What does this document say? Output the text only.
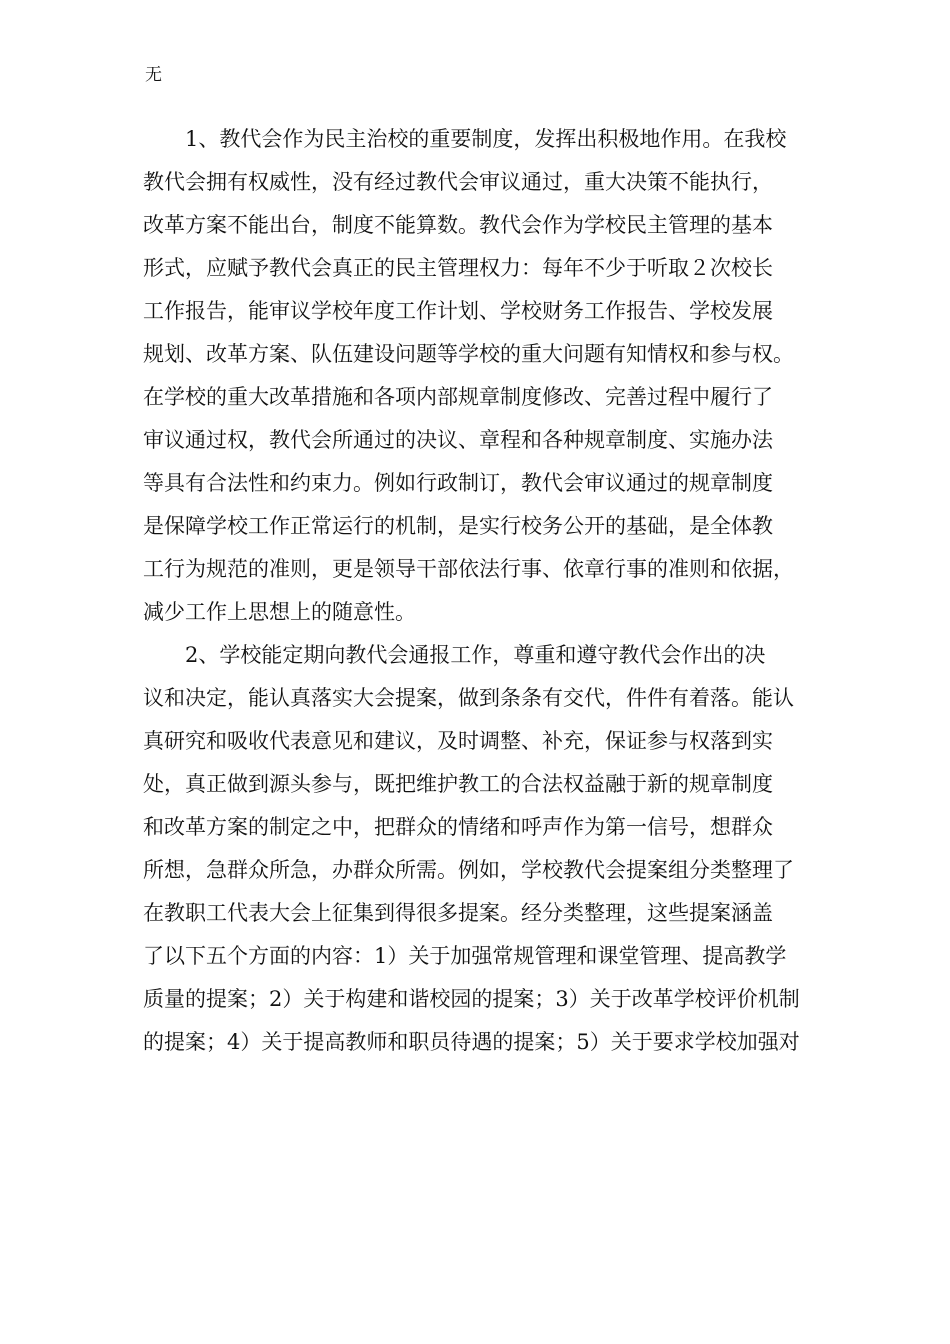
无

1、教代会作为民主治校的重要制度，发挥出积极地作用。在我校
教代会拥有权威性，没有经过教代会审议通过，重大决策不能执行，
改革方案不能出台，制度不能算数。教代会作为学校民主管理的基本
形式，应赋予教代会真正的民主管理权力：每年不少于听取２次校长
工作报告，能审议学校年度工作计划、学校财务工作报告、学校发展
规划、改革方案、队伍建设问题等学校的重大问题有知情权和参与权。
在学校的重大改革措施和各项内部规章制度修改、完善过程中履行了
审议通过权，教代会所通过的决议、章程和各种规章制度、实施办法
等具有合法性和约束力。例如行政制订，教代会审议通过的规章制度
是保障学校工作正常运行的机制，是实行校务公开的基础，是全体教
工行为规范的准则，更是领导干部依法行事、依章行事的准则和依据，
减少工作上思想上的随意性。
2、学校能定期向教代会通报工作，尊重和遵守教代会作出的决
议和决定，能认真落实大会提案，做到条条有交代，件件有着落。能认
真研究和吸收代表意见和建议，及时调整、补充，保证参与权落到实
处，真正做到源头参与，既把维护教工的合法权益融于新的规章制度
和改革方案的制定之中，把群众的情绪和呼声作为第一信号，想群众
所想，急群众所急，办群众所需。例如，学校教代会提案组分类整理了
在教职工代表大会上征集到得很多提案。经分类整理，这些提案涵盖
了以下五个方面的内容：1）关于加强常规管理和课堂管理、提高教学
质量的提案；2）关于构建和谐校园的提案；3）关于改革学校评价机制
的提案；4）关于提高教师和职员待遇的提案；5）关于要求学校加强对
